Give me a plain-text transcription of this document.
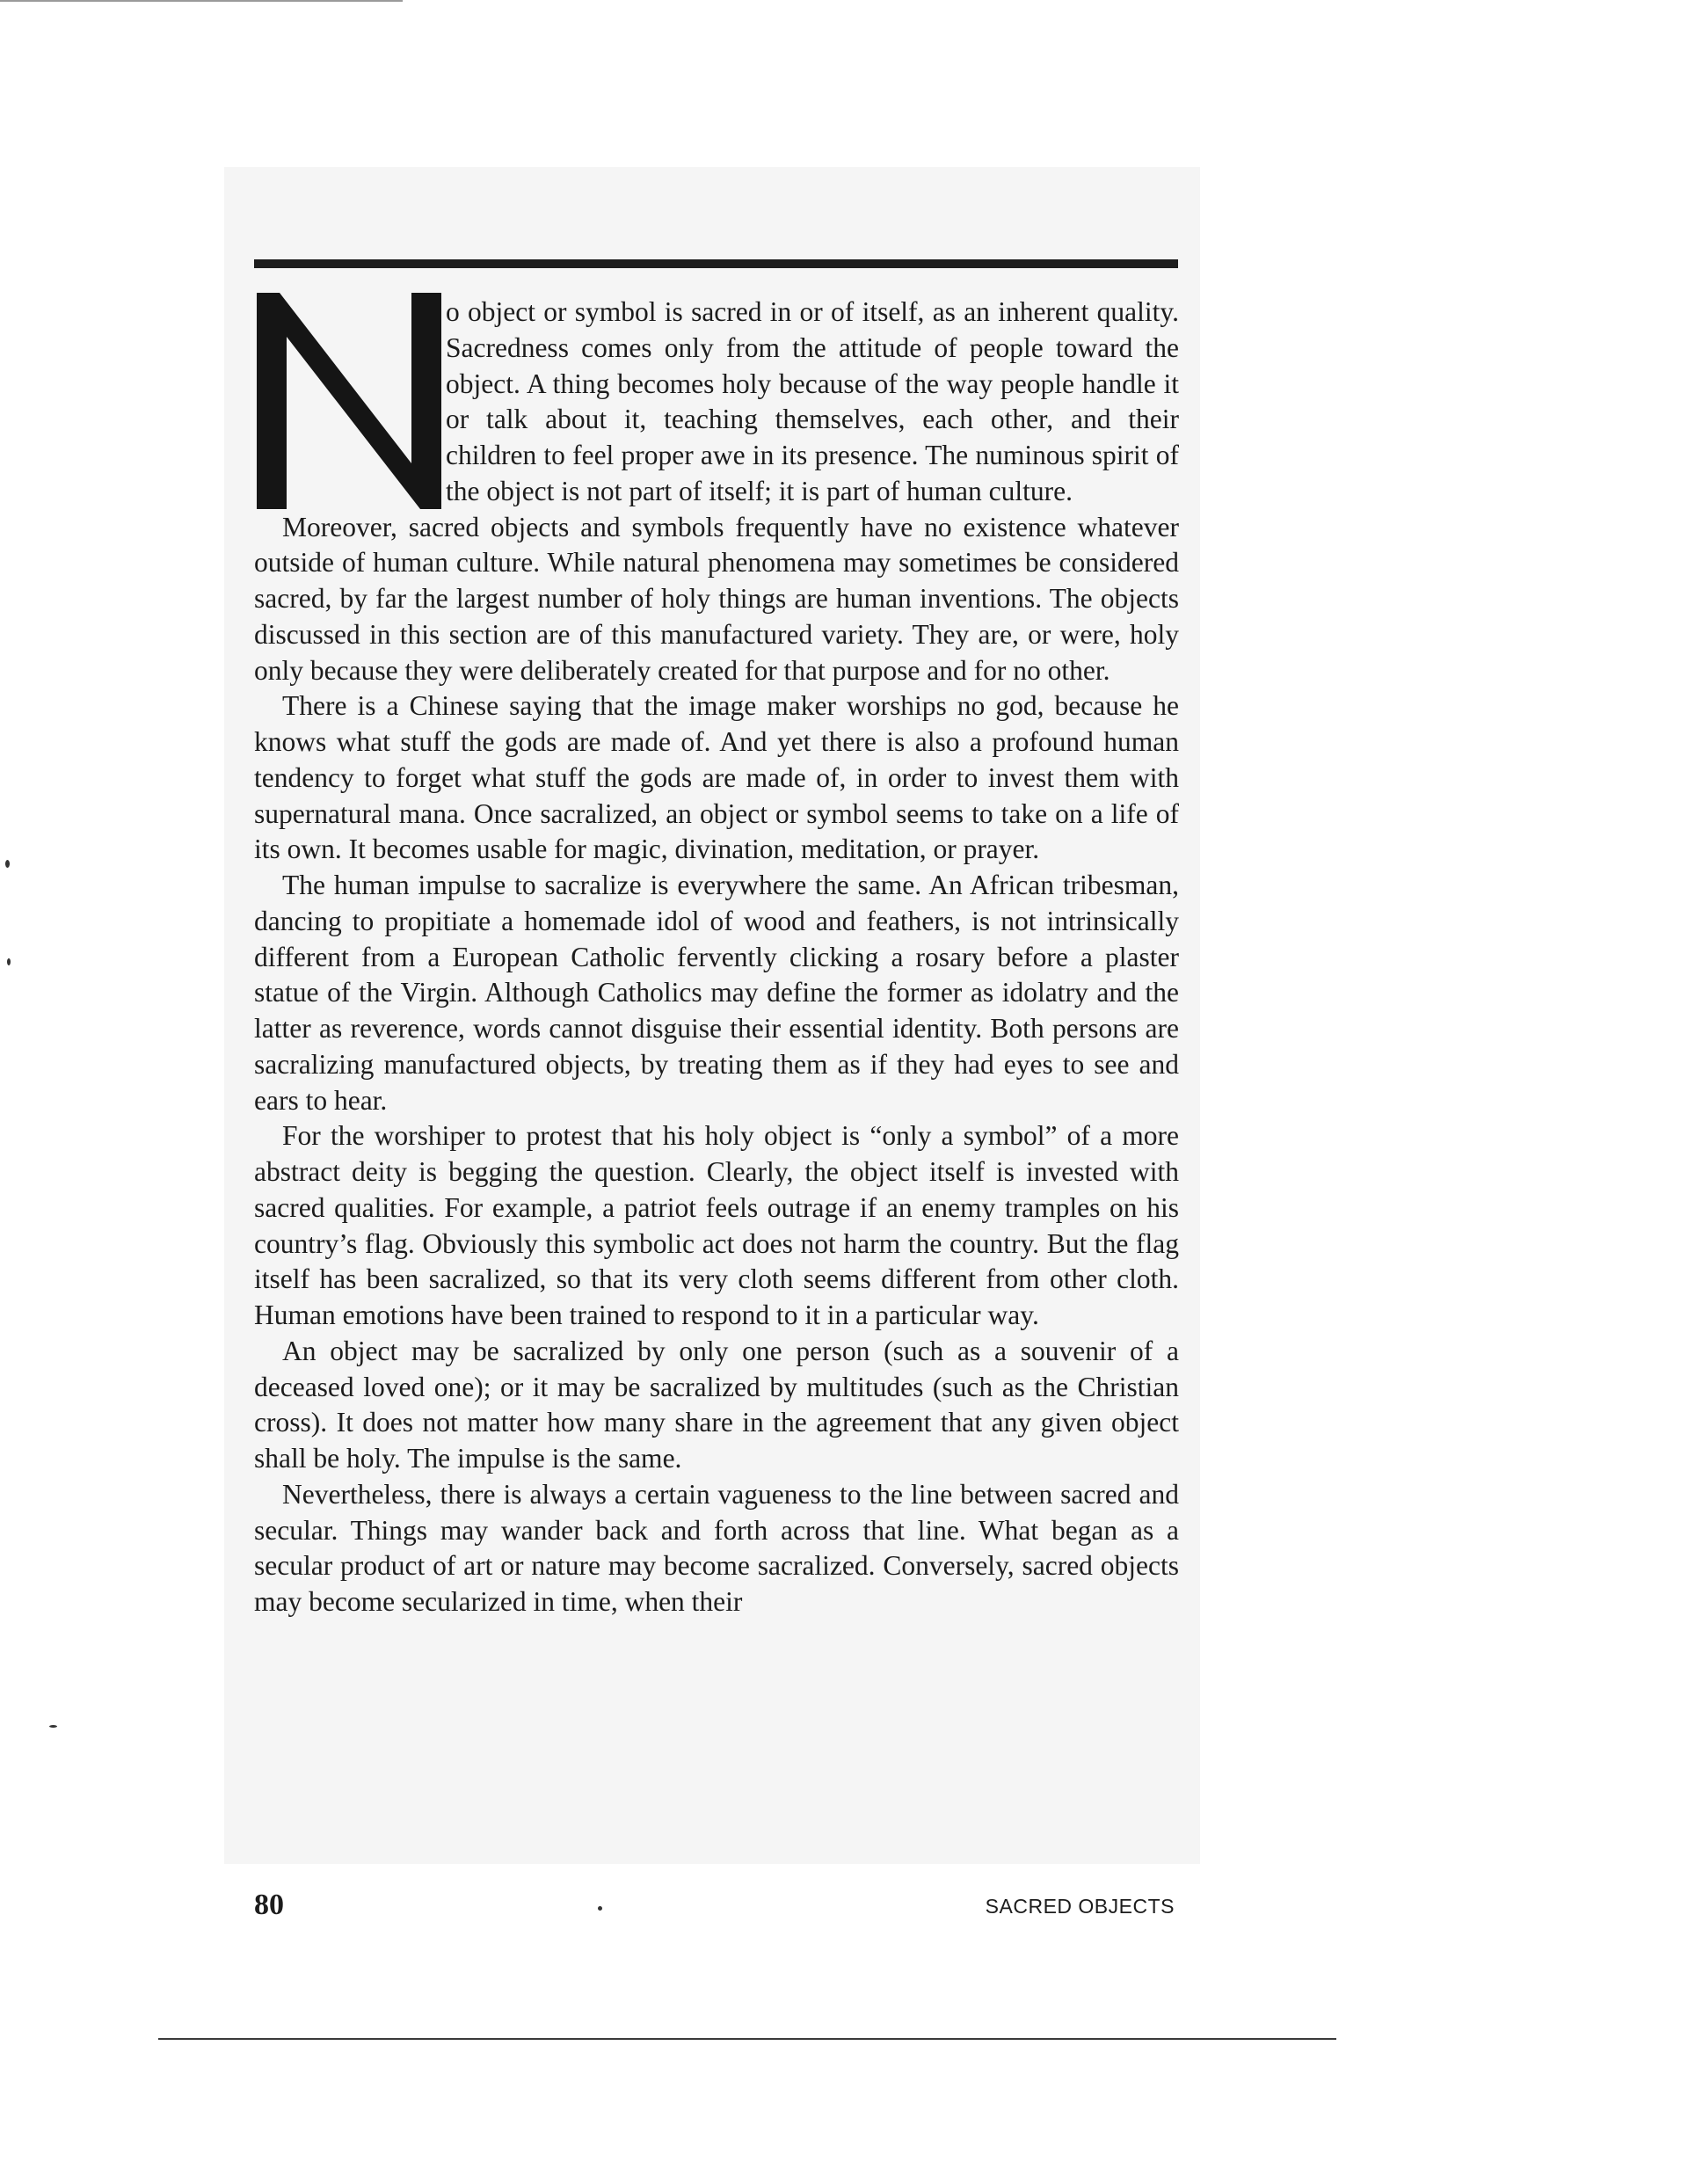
o object or symbol is sacred in or of itself, as an inherent quality. Sacredness comes only from the attitude of people toward the object. A thing becomes holy because of the way people handle it or talk about it, teaching themselves, each other, and their children to feel proper awe in its presence. The numinous spirit of the object is not part of itself; it is part of human culture.

Moreover, sacred objects and symbols frequently have no existence whatever outside of human culture. While natural phenomena may sometimes be considered sacred, by far the largest number of holy things are human inventions. The objects discussed in this section are of this manufactured variety. They are, or were, holy only because they were deliberately created for that purpose and for no other.

There is a Chinese saying that the image maker worships no god, because he knows what stuff the gods are made of. And yet there is also a profound human tendency to forget what stuff the gods are made of, in order to invest them with supernatural mana. Once sacralized, an object or symbol seems to take on a life of its own. It becomes usable for magic, divination, meditation, or prayer.

The human impulse to sacralize is everywhere the same. An African tribesman, dancing to propitiate a homemade idol of wood and feathers, is not intrinsically different from a European Catholic fervently clicking a rosary before a plaster statue of the Virgin. Although Catholics may define the former as idolatry and the latter as reverence, words cannot disguise their essential identity. Both persons are sacralizing manufactured objects, by treating them as if they had eyes to see and ears to hear.

For the worshiper to protest that his holy object is “only a symbol” of a more abstract deity is begging the question. Clearly, the object itself is invested with sacred qualities. For example, a patriot feels outrage if an enemy tramples on his country’s flag. Obviously this symbolic act does not harm the country. But the flag itself has been sacralized, so that its very cloth seems different from other cloth. Human emotions have been trained to respond to it in a particular way.

An object may be sacralized by only one person (such as a souvenir of a deceased loved one); or it may be sacralized by multitudes (such as the Christian cross). It does not matter how many share in the agreement that any given object shall be holy. The impulse is the same.

Nevertheless, there is always a certain vagueness to the line between sacred and secular. Things may wander back and forth across that line. What began as a secular product of art or nature may become sacralized. Conversely, sacred objects may become secularized in time, when their

80	SACRED OBJECTS
